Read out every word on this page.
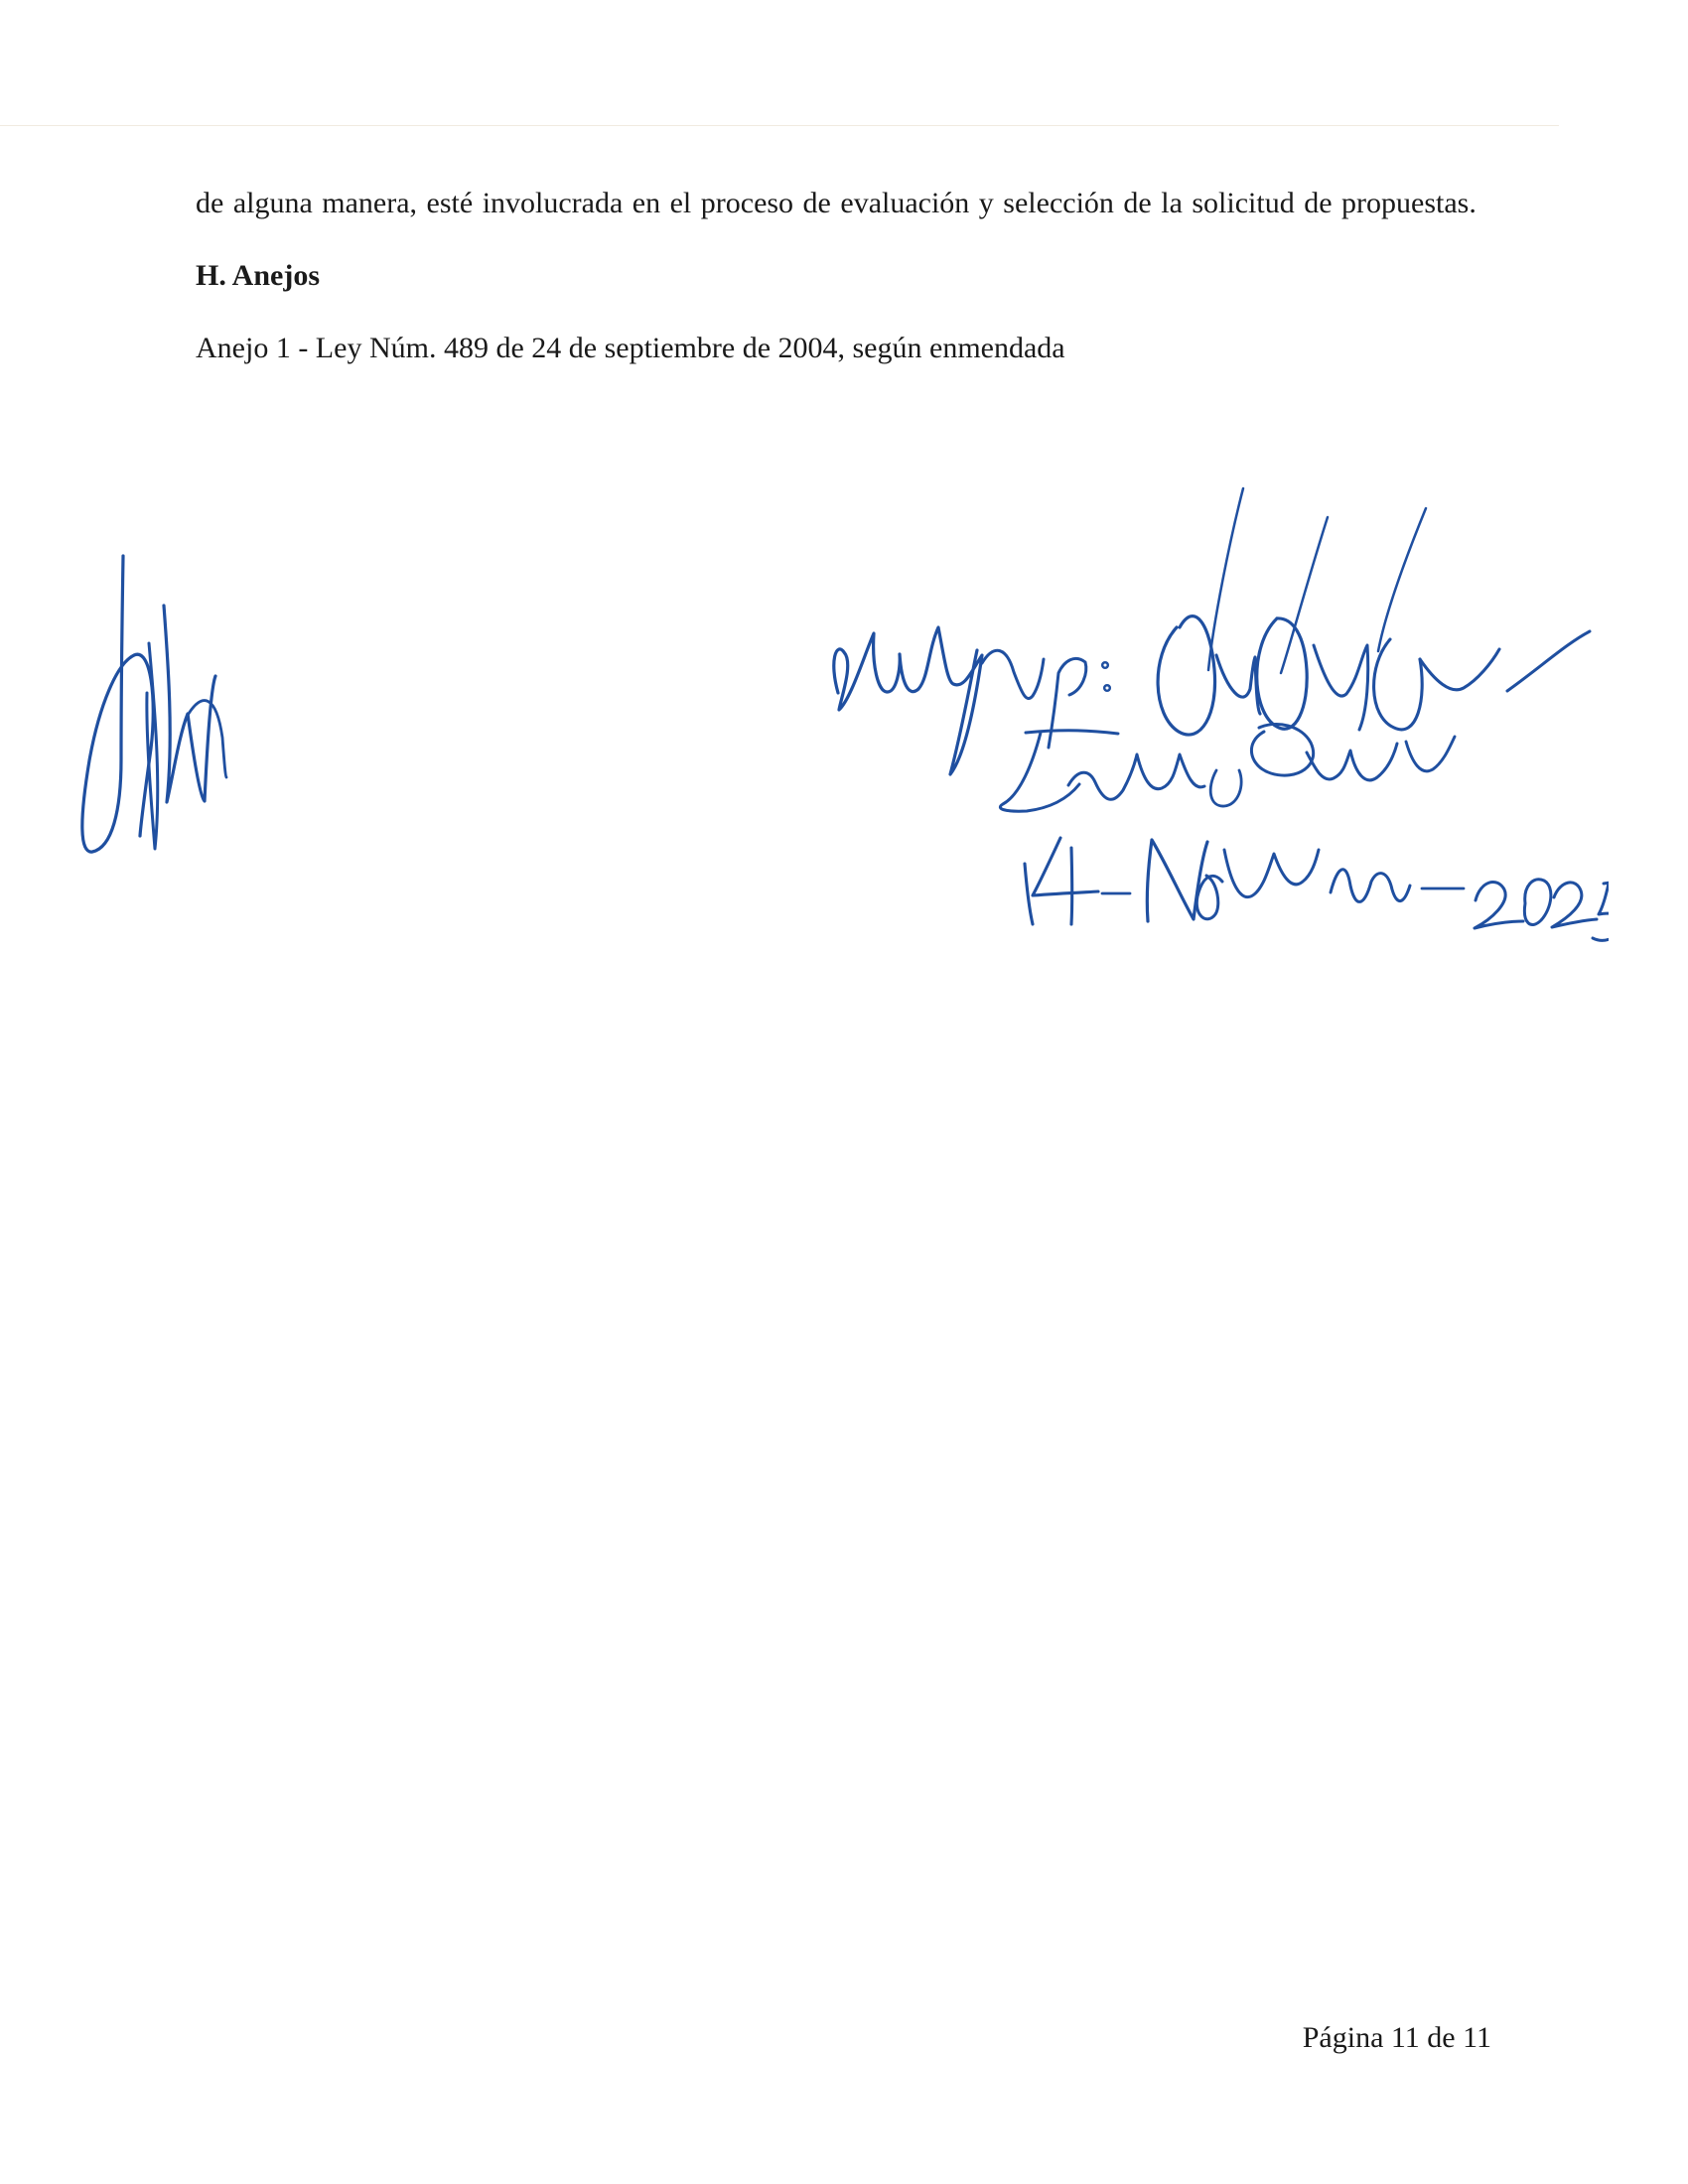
de alguna manera, esté involucrada en el proceso de evaluación y selección de la solicitud de propuestas.

H. Anejos

Anejo 1 - Ley Núm. 489 de 24 de septiembre de 2004, según enmendada

Página 11 de 11
